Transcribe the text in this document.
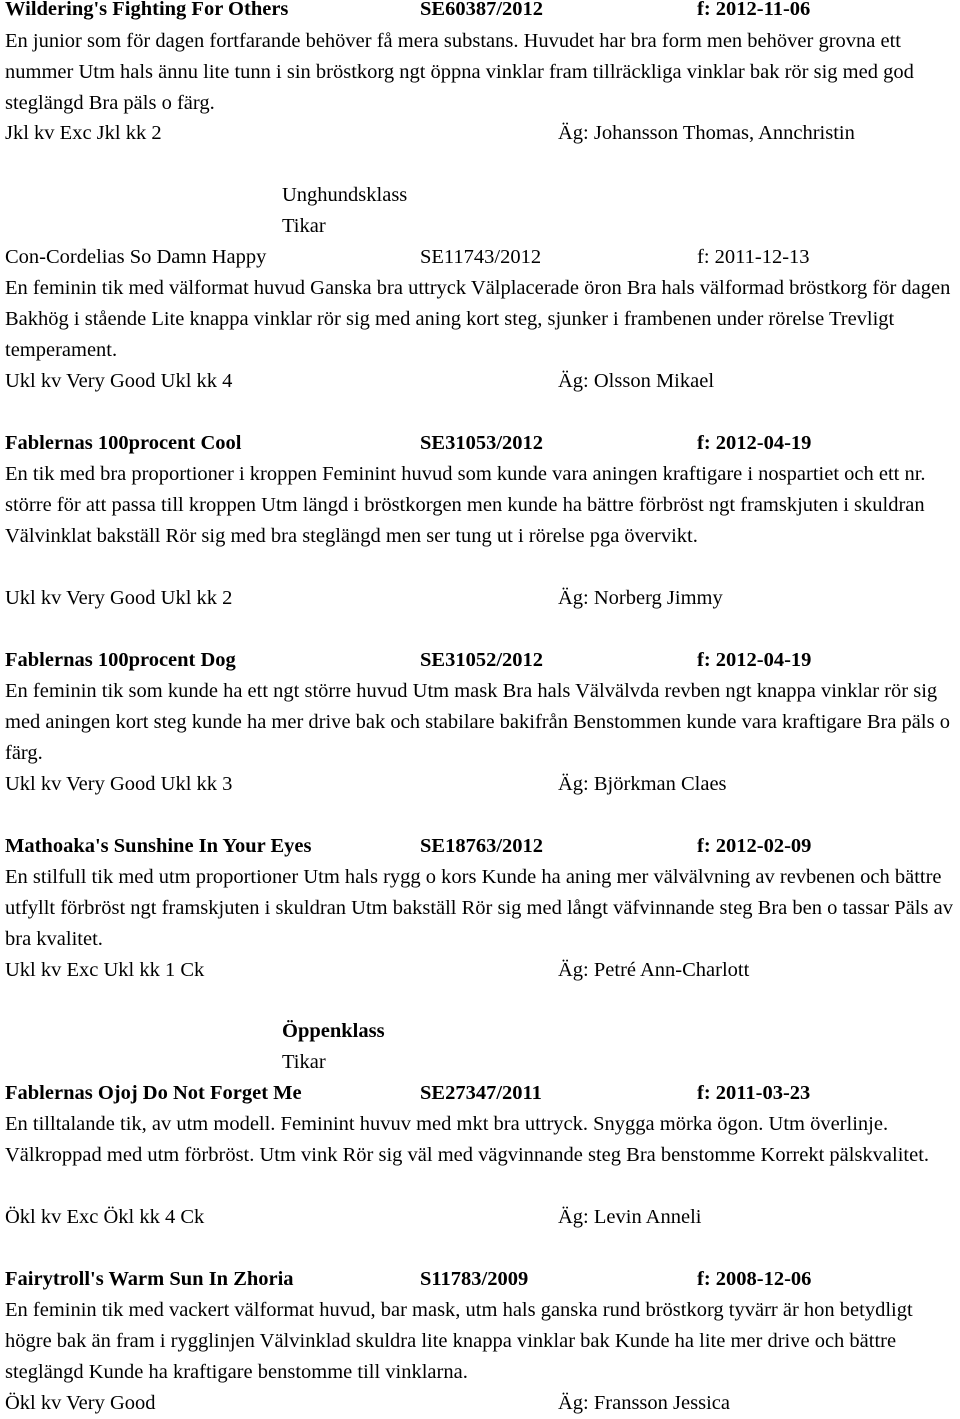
Wildering's Fighting For Others	SE60387/2012	f: 2012-11-06
En junior som för dagen fortfarande behöver få mera substans. Huvudet har bra form men behöver grovna ett nummer Utm hals ännu lite tunn i sin bröstkorg ngt öppna vinklar fram tillräckliga vinklar bak rör sig med god steglängd Bra päls o färg.
Jkl kv Exc Jkl kk 2	Äg: Johansson Thomas, Annchristin
Unghundsklass
Tikar
Con-Cordelias So Damn Happy	SE11743/2012	f: 2011-12-13
En feminin tik med välformat huvud Ganska bra uttryck Välplacerade öron Bra hals välformad bröstkorg för dagen Bakhög i stående Lite knappa vinklar rör sig med aning kort steg, sjunker i frambenen under rörelse Trevligt temperament.
Ukl kv Very Good Ukl kk 4	Äg: Olsson Mikael
Fablernas 100procent Cool	SE31053/2012	f: 2012-04-19
En tik med bra proportioner i kroppen Feminint huvud som kunde vara aningen kraftigare i nospartiet och ett nr. större för att passa till kroppen Utm längd i bröstkorgen men kunde ha bättre förbröst ngt framskjuten i skuldran Välvinklat bakställ Rör sig med bra steglängd men ser tung ut i rörelse pga övervikt.
Ukl kv Very Good Ukl kk 2	Äg: Norberg Jimmy
Fablernas 100procent Dog	SE31052/2012	f: 2012-04-19
En feminin tik som kunde ha ett ngt större huvud Utm mask Bra hals Välvälvda revben ngt knappa vinklar rör sig med aningen kort steg kunde ha mer drive bak och stabilare bakifrån Benstommen kunde vara kraftigare Bra päls o färg.
Ukl kv Very Good Ukl kk 3	Äg: Björkman Claes
Mathoaka's Sunshine In Your Eyes	SE18763/2012	f: 2012-02-09
En stilfull tik med utm proportioner Utm hals rygg o kors Kunde ha aning mer välvälvning av revbenen och bättre utfyllt förbröst ngt framskjuten i skuldran Utm bakställ Rör sig med långt väfvinnande steg Bra ben o tassar Päls av bra kvalitet.
Ukl kv Exc Ukl kk 1 Ck	Äg: Petré Ann-Charlott
Öppenklass
Tikar
Fablernas Ojoj Do Not Forget Me	SE27347/2011	f: 2011-03-23
En tilltalande tik, av utm modell. Feminint huvuv med mkt bra uttryck. Snygga mörka ögon. Utm överlinje. Välkroppad med utm förbröst. Utm vink Rör sig väl med vägvinnande steg Bra benstomme Korrekt pälskvalitet.
Ökl kv Exc Ökl kk 4 Ck	Äg: Levin Anneli
Fairytroll's Warm Sun In Zhoria	S11783/2009	f: 2008-12-06
En feminin tik med vackert välformat huvud, bar mask, utm hals ganska rund bröstkorg tyvärr är hon betydligt högre bak än fram i rygglinjen Välvinklad skuldra lite knappa vinklar bak Kunde ha lite mer drive och bättre steglängd Kunde ha kraftigare benstomme till vinklarna.
Ökl kv Very Good	Äg: Fransson Jessica
